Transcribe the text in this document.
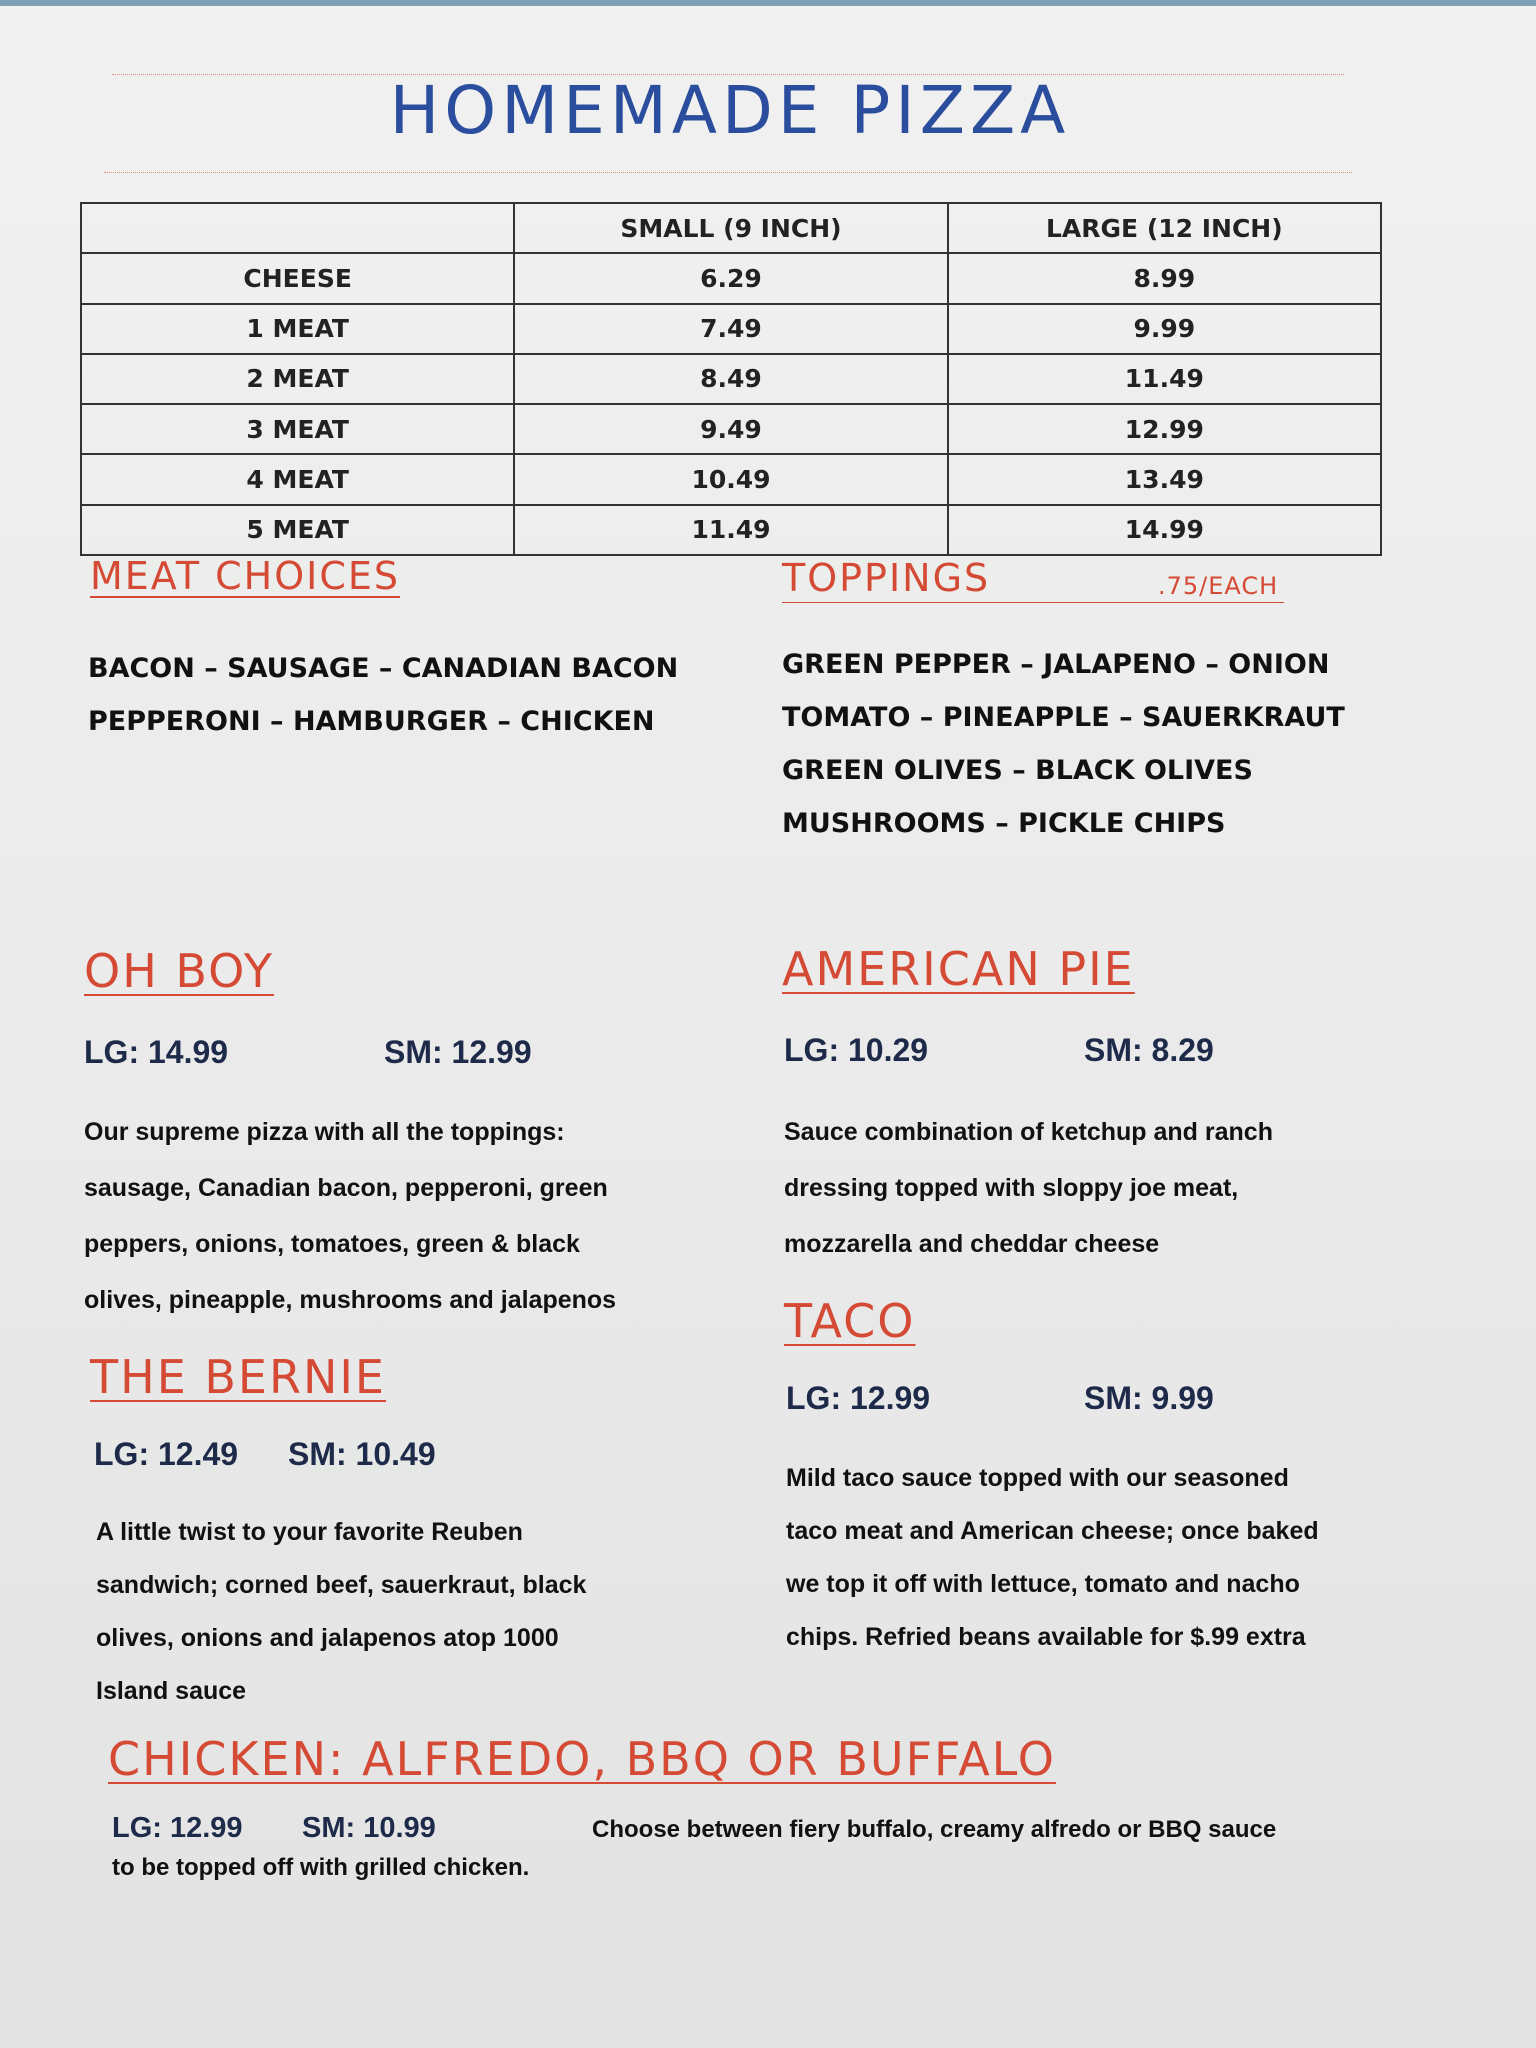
HOMEMADE PIZZA
	SMALL (9 INCH)	LARGE (12 INCH)
CHEESE	6.29	8.99
1 MEAT	7.49	9.99
2 MEAT	8.49	11.49
3 MEAT	9.49	12.99
4 MEAT	10.49	13.49
5 MEAT	11.49	14.99
MEAT CHOICES
BACON – SAUSAGE – CANADIAN BACON
PEPPERONI – HAMBURGER – CHICKEN
TOPPINGS	.75/EACH
GREEN PEPPER – JALAPENO – ONION
TOMATO – PINEAPPLE – SAUERKRAUT
GREEN OLIVES – BLACK OLIVES
MUSHROOMS – PICKLE CHIPS
OH BOY
LG: 14.99	SM: 12.99
Our supreme pizza with all the toppings:
sausage, Canadian bacon, pepperoni, green
peppers, onions, tomatoes, green & black
olives, pineapple, mushrooms and jalapenos
AMERICAN PIE
LG: 10.29	SM: 8.29
Sauce combination of ketchup and ranch
dressing topped with sloppy joe meat,
mozzarella and cheddar cheese
THE BERNIE
LG: 12.49 SM: 10.49
A little twist to your favorite Reuben
sandwich; corned beef, sauerkraut, black
olives, onions and jalapenos atop 1000
Island sauce
TACO
LG: 12.99	SM: 9.99
Mild taco sauce topped with our seasoned
taco meat and American cheese; once baked
we top it off with lettuce, tomato and nacho
chips. Refried beans available for $.99 extra
CHICKEN: ALFREDO, BBQ OR BUFFALO
LG: 12.99 SM: 10.99	Choose between fiery buffalo, creamy alfredo or BBQ sauce
to be topped off with grilled chicken.
